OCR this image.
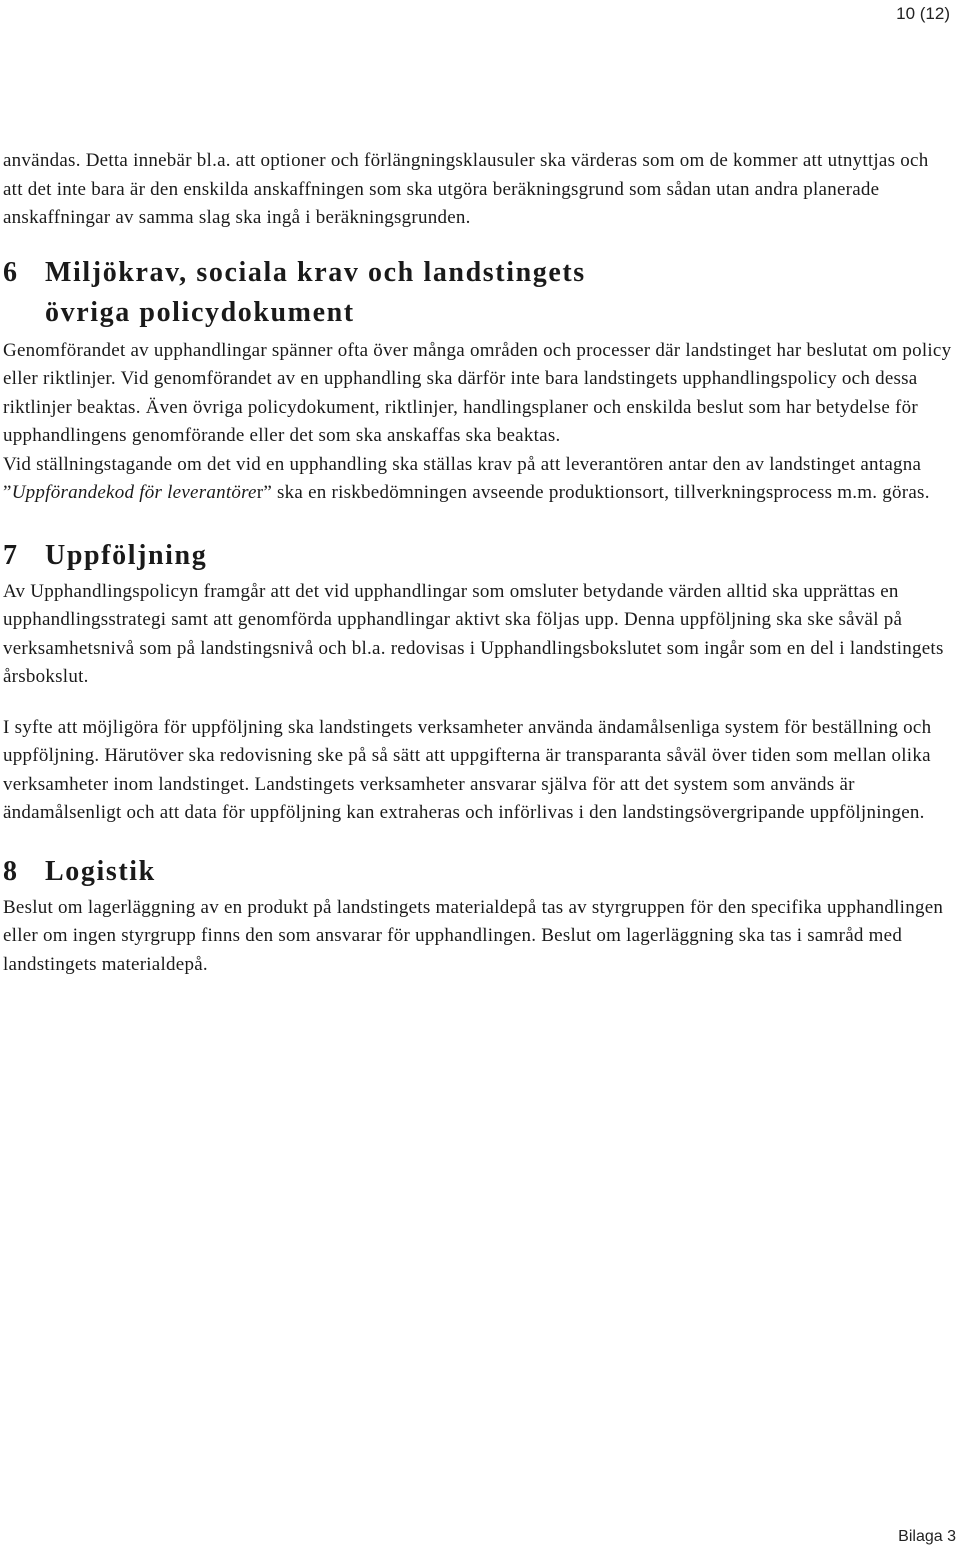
10 (12)

användas. Detta innebär bl.a. att optioner och förlängningsklausuler ska värderas som om de kommer att utnyttjas och att det inte bara är den enskilda anskaffningen som ska utgöra beräkningsgrund som sådan utan andra planerade anskaffningar av samma slag ska ingå i beräkningsgrunden.

6 Miljökrav, sociala krav och landstingets
övriga policydokument

Genomförandet av upphandlingar spänner ofta över många områden och processer där landstinget har beslutat om policy eller riktlinjer. Vid genomförandet av en upphandling ska därför inte bara landstingets upphandlingspolicy och dessa riktlinjer beaktas. Även övriga policydokument, riktlinjer, handlingsplaner och enskilda beslut som har betydelse för upphandlingens genomförande eller det som ska anskaffas ska beaktas.

Vid ställningstagande om det vid en upphandling ska ställas krav på att leverantören antar den av landstinget antagna ”Uppförandekod för leverantörer” ska en riskbedömningen avseende produktionsort, tillverkningsprocess m.m. göras.

7 Uppföljning

Av Upphandlingspolicyn framgår att det vid upphandlingar som omsluter betydande värden alltid ska upprättas en upphandlingsstrategi samt att genomförda upphandlingar aktivt ska följas upp. Denna uppföljning ska ske såväl på verksamhetsnivå som på landstingsnivå och bl.a. redovisas i Upphandlingsbokslutet som ingår som en del i landstingets årsbokslut.

I syfte att möjligöra för uppföljning ska landstingets verksamheter använda ändamålsenliga system för beställning och uppföljning. Härutöver ska redovisning ske på så sätt att uppgifterna är transparanta såväl över tiden som mellan olika verksamheter inom landstinget. Landstingets verksamheter ansvarar själva för att det system som används är ändamålsenligt och att data för uppföljning kan extraheras och införlivas i den landstingsövergripande uppföljningen.

8 Logistik

Beslut om lagerläggning av en produkt på landstingets materialdepå tas av styrgruppen för den specifika upphandlingen eller om ingen styrgrupp finns den som ansvarar för upphandlingen. Beslut om lagerläggning ska tas i samråd med landstingets materialdepå.

Bilaga 3
